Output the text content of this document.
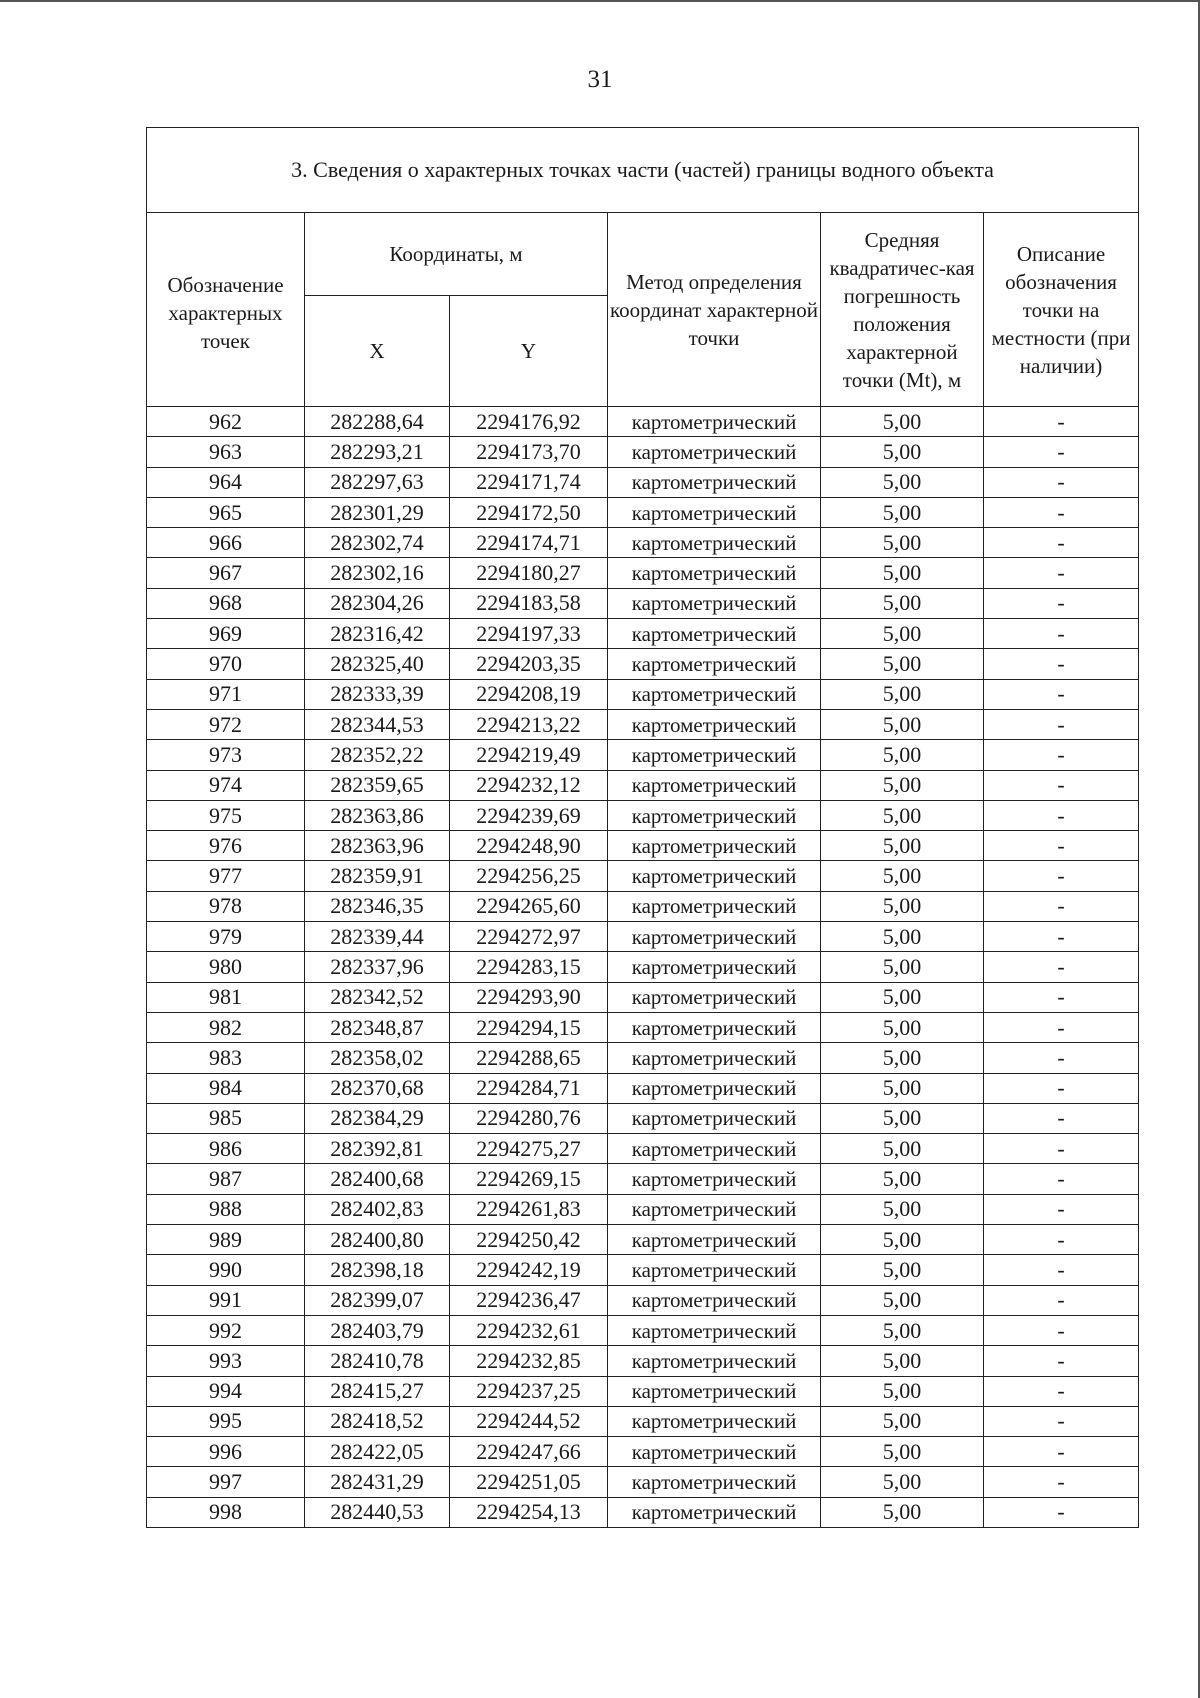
31
3. Сведения о характерных точках части (частей) границы водного объекта					

Обозначение характерных точек	Координаты, м		Метод определения координат характерной точки	Средняя квадратичес-кая погрешность положения характерной точки (Mt), м	Описание обозначения точки на местности (при наличии)
	X	Y			
962	282288,64	2294176,92	картометрический	5,00	-
963	282293,21	2294173,70	картометрический	5,00	-
964	282297,63	2294171,74	картометрический	5,00	-
965	282301,29	2294172,50	картометрический	5,00	-
966	282302,74	2294174,71	картометрический	5,00	-
967	282302,16	2294180,27	картометрический	5,00	-
968	282304,26	2294183,58	картометрический	5,00	-
969	282316,42	2294197,33	картометрический	5,00	-
970	282325,40	2294203,35	картометрический	5,00	-
971	282333,39	2294208,19	картометрический	5,00	-
972	282344,53	2294213,22	картометрический	5,00	-
973	282352,22	2294219,49	картометрический	5,00	-
974	282359,65	2294232,12	картометрический	5,00	-
975	282363,86	2294239,69	картометрический	5,00	-
976	282363,96	2294248,90	картометрический	5,00	-
977	282359,91	2294256,25	картометрический	5,00	-
978	282346,35	2294265,60	картометрический	5,00	-
979	282339,44	2294272,97	картометрический	5,00	-
980	282337,96	2294283,15	картометрический	5,00	-
981	282342,52	2294293,90	картометрический	5,00	-
982	282348,87	2294294,15	картометрический	5,00	-
983	282358,02	2294288,65	картометрический	5,00	-
984	282370,68	2294284,71	картометрический	5,00	-
985	282384,29	2294280,76	картометрический	5,00	-
986	282392,81	2294275,27	картометрический	5,00	-
987	282400,68	2294269,15	картометрический	5,00	-
988	282402,83	2294261,83	картометрический	5,00	-
989	282400,80	2294250,42	картометрический	5,00	-
990	282398,18	2294242,19	картометрический	5,00	-
991	282399,07	2294236,47	картометрический	5,00	-
992	282403,79	2294232,61	картометрический	5,00	-
993	282410,78	2294232,85	картометрический	5,00	-
994	282415,27	2294237,25	картометрический	5,00	-
995	282418,52	2294244,52	картометрический	5,00	-
996	282422,05	2294247,66	картометрический	5,00	-
997	282431,29	2294251,05	картометрический	5,00	-
998	282440,53	2294254,13	картометрический	5,00	-
